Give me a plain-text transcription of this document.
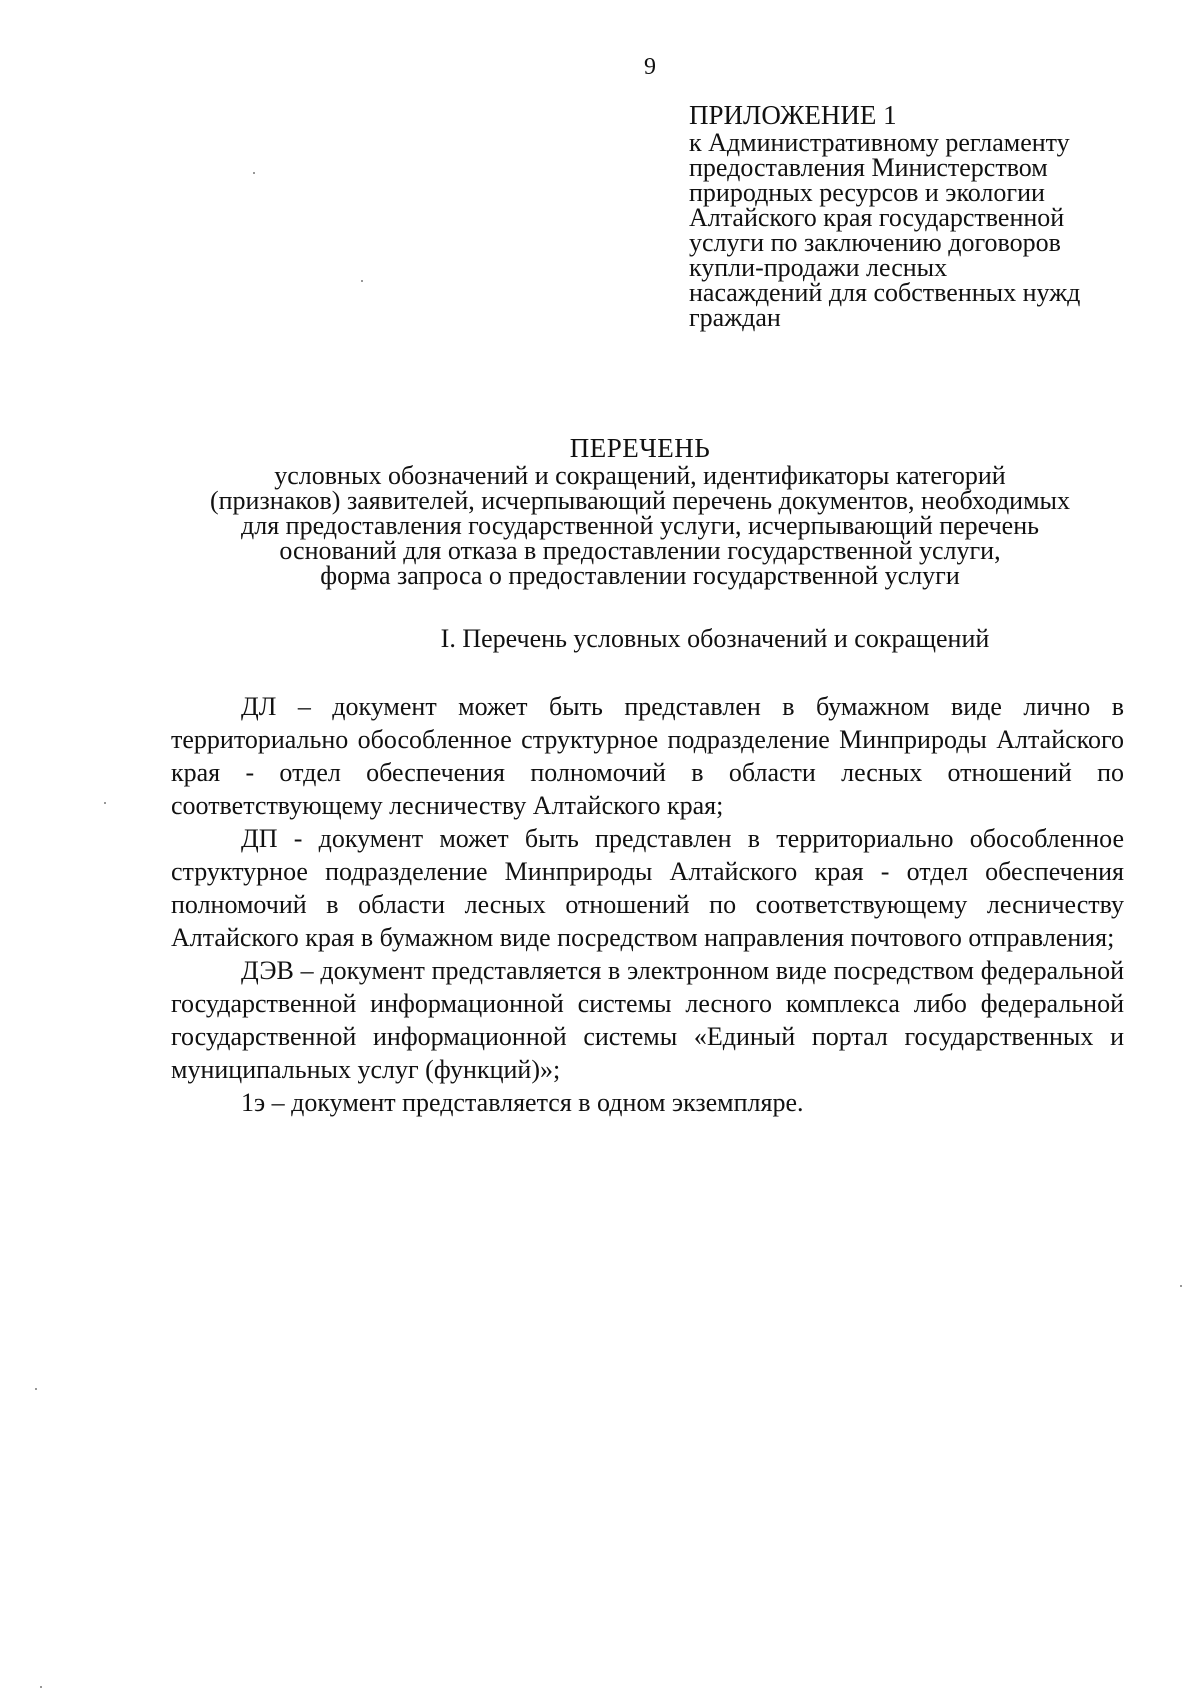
9
ПРИЛОЖЕНИЕ 1
к Административному регламенту
предоставления Министерством
природных ресурсов и экологии
Алтайского края государственной
услуги по заключению договоров
купли-продажи лесных
насаждений для собственных нужд
граждан
ПЕРЕЧЕНЬ
условных обозначений и сокращений, идентификаторы категорий
(признаков) заявителей, исчерпывающий перечень документов, необходимых
для предоставления государственной услуги, исчерпывающий перечень
оснований для отказа в предоставлении государственной услуги,
форма запроса о предоставлении государственной услуги
I. Перечень условных обозначений и сокращений

ДЛ – документ может быть представлен в бумажном виде лично в территориально обособленное структурное подразделение Минприроды Алтайского края - отдел обеспечения полномочий в области лесных отношений по соответствующему лесничеству Алтайского края;

ДП - документ может быть представлен в территориально обособленное структурное подразделение Минприроды Алтайского края - отдел обеспечения полномочий в области лесных отношений по соответствующему лесничеству Алтайского края в бумажном виде посредством направления почтового отправления;

ДЭВ – документ представляется в электронном виде посредством федеральной государственной информационной системы лесного комплекса либо федеральной государственной информационной системы «Единый портал государственных и муниципальных услуг (функций)»;

1э – документ представляется в одном экземпляре.
